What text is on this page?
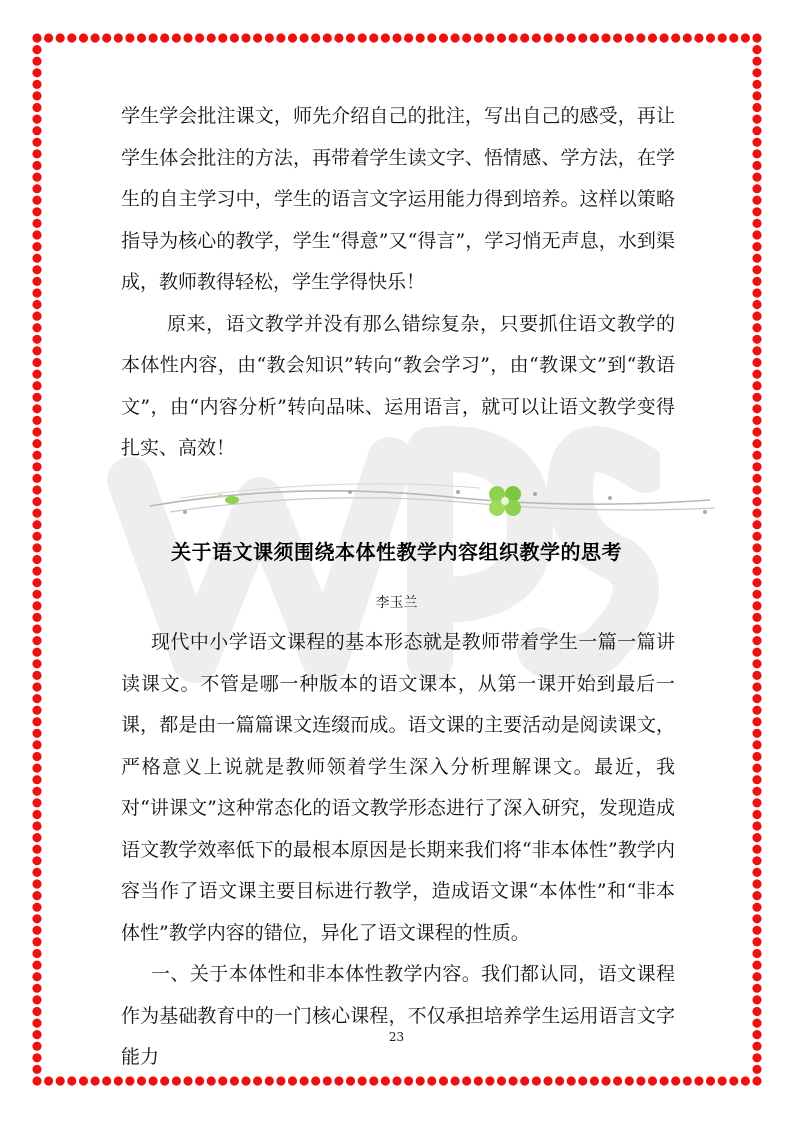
学生学会批注课文，师先介绍自己的批注，写出自己的感受，再让学生体会批注的方法，再带着学生读文字、悟情感、学方法，在学生的自主学习中，学生的语言文字运用能力得到培养。这样以策略指导为核心的教学，学生“得意”又“得言”，学习悄无声息，水到渠成，教师教得轻松，学生学得快乐！

原来，语文教学并没有那么错综复杂，只要抓住语文教学的本体性内容，由“教会知识”转向“教会学习”，由“教课文”到“教语文”，由“内容分析”转向品味、运用语言，就可以让语文教学变得扎实、高效！

关于语文课须围绕本体性教学内容组织教学的思考

李玉兰

现代中小学语文课程的基本形态就是教师带着学生一篇一篇讲读课文。不管是哪一种版本的语文课本，从第一课开始到最后一课，都是由一篇篇课文连缀而成。语文课的主要活动是阅读课文，严格意义上说就是教师领着学生深入分析理解课文。最近，我对“讲课文”这种常态化的语文教学形态进行了深入研究，发现造成语文教学效率低下的最根本原因是长期来我们将“非本体性”教学内容当作了语文课主要目标进行教学，造成语文课“本体性”和“非本体性”教学内容的错位，异化了语文课程的性质。

一、关于本体性和非本体性教学内容。我们都认同，语文课程作为基础教育中的一门核心课程，不仅承担培养学生运用语言文字能力

23
